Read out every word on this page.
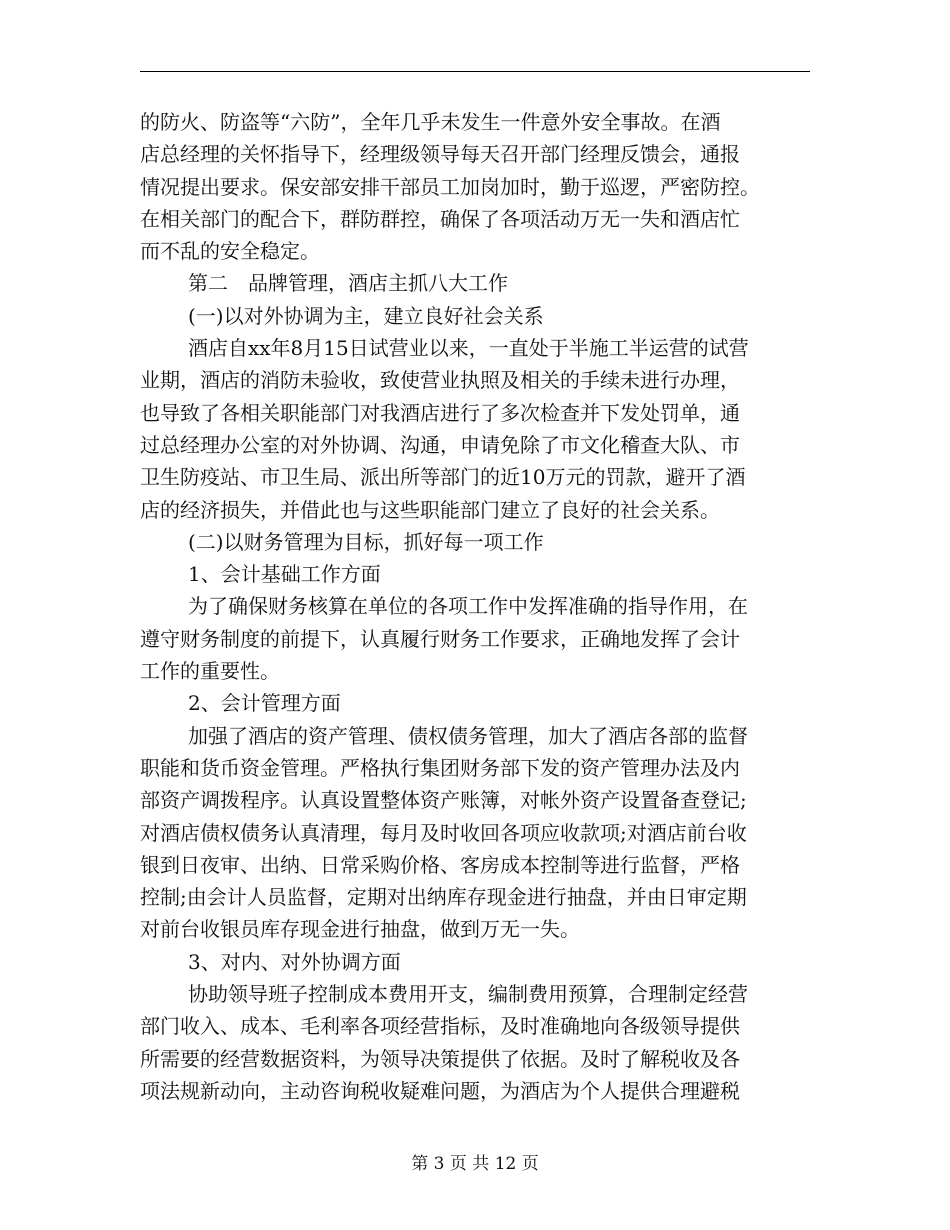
的防火、防盗等“六防”，全年几乎未发生一件意外安全事故。在酒
店总经理的关怀指导下，经理级领导每天召开部门经理反馈会，通报
情况提出要求。保安部安排干部员工加岗加时，勤于巡逻，严密防控。
在相关部门的配合下，群防群控，确保了各项活动万无一失和酒店忙
而不乱的安全稳定。
第二　品牌管理，酒店主抓八大工作
(一)以对外协调为主，建立良好社会关系
酒店自xx年8月15日试营业以来，一直处于半施工半运营的试营
业期，酒店的消防未验收，致使营业执照及相关的手续未进行办理，
也导致了各相关职能部门对我酒店进行了多次检查并下发处罚单，通
过总经理办公室的对外协调、沟通，申请免除了市文化稽查大队、市
卫生防疫站、市卫生局、派出所等部门的近10万元的罚款，避开了酒
店的经济损失，并借此也与这些职能部门建立了良好的社会关系。
(二)以财务管理为目标，抓好每一项工作
1、会计基础工作方面
为了确保财务核算在单位的各项工作中发挥准确的指导作用，在
遵守财务制度的前提下，认真履行财务工作要求，正确地发挥了会计
工作的重要性。
2、会计管理方面
加强了酒店的资产管理、债权债务管理，加大了酒店各部的监督
职能和货币资金管理。严格执行集团财务部下发的资产管理办法及内
部资产调拨程序。认真设置整体资产账簿，对帐外资产设置备查登记;
对酒店债权债务认真清理，每月及时收回各项应收款项;对酒店前台收
银到日夜审、出纳、日常采购价格、客房成本控制等进行监督，严格
控制;由会计人员监督，定期对出纳库存现金进行抽盘，并由日审定期
对前台收银员库存现金进行抽盘，做到万无一失。
3、对内、对外协调方面
协助领导班子控制成本费用开支，编制费用预算，合理制定经营
部门收入、成本、毛利率各项经营指标，及时准确地向各级领导提供
所需要的经营数据资料，为领导决策提供了依据。及时了解税收及各
项法规新动向，主动咨询税收疑难问题，为酒店为个人提供合理避税
第 3 页 共 12 页
